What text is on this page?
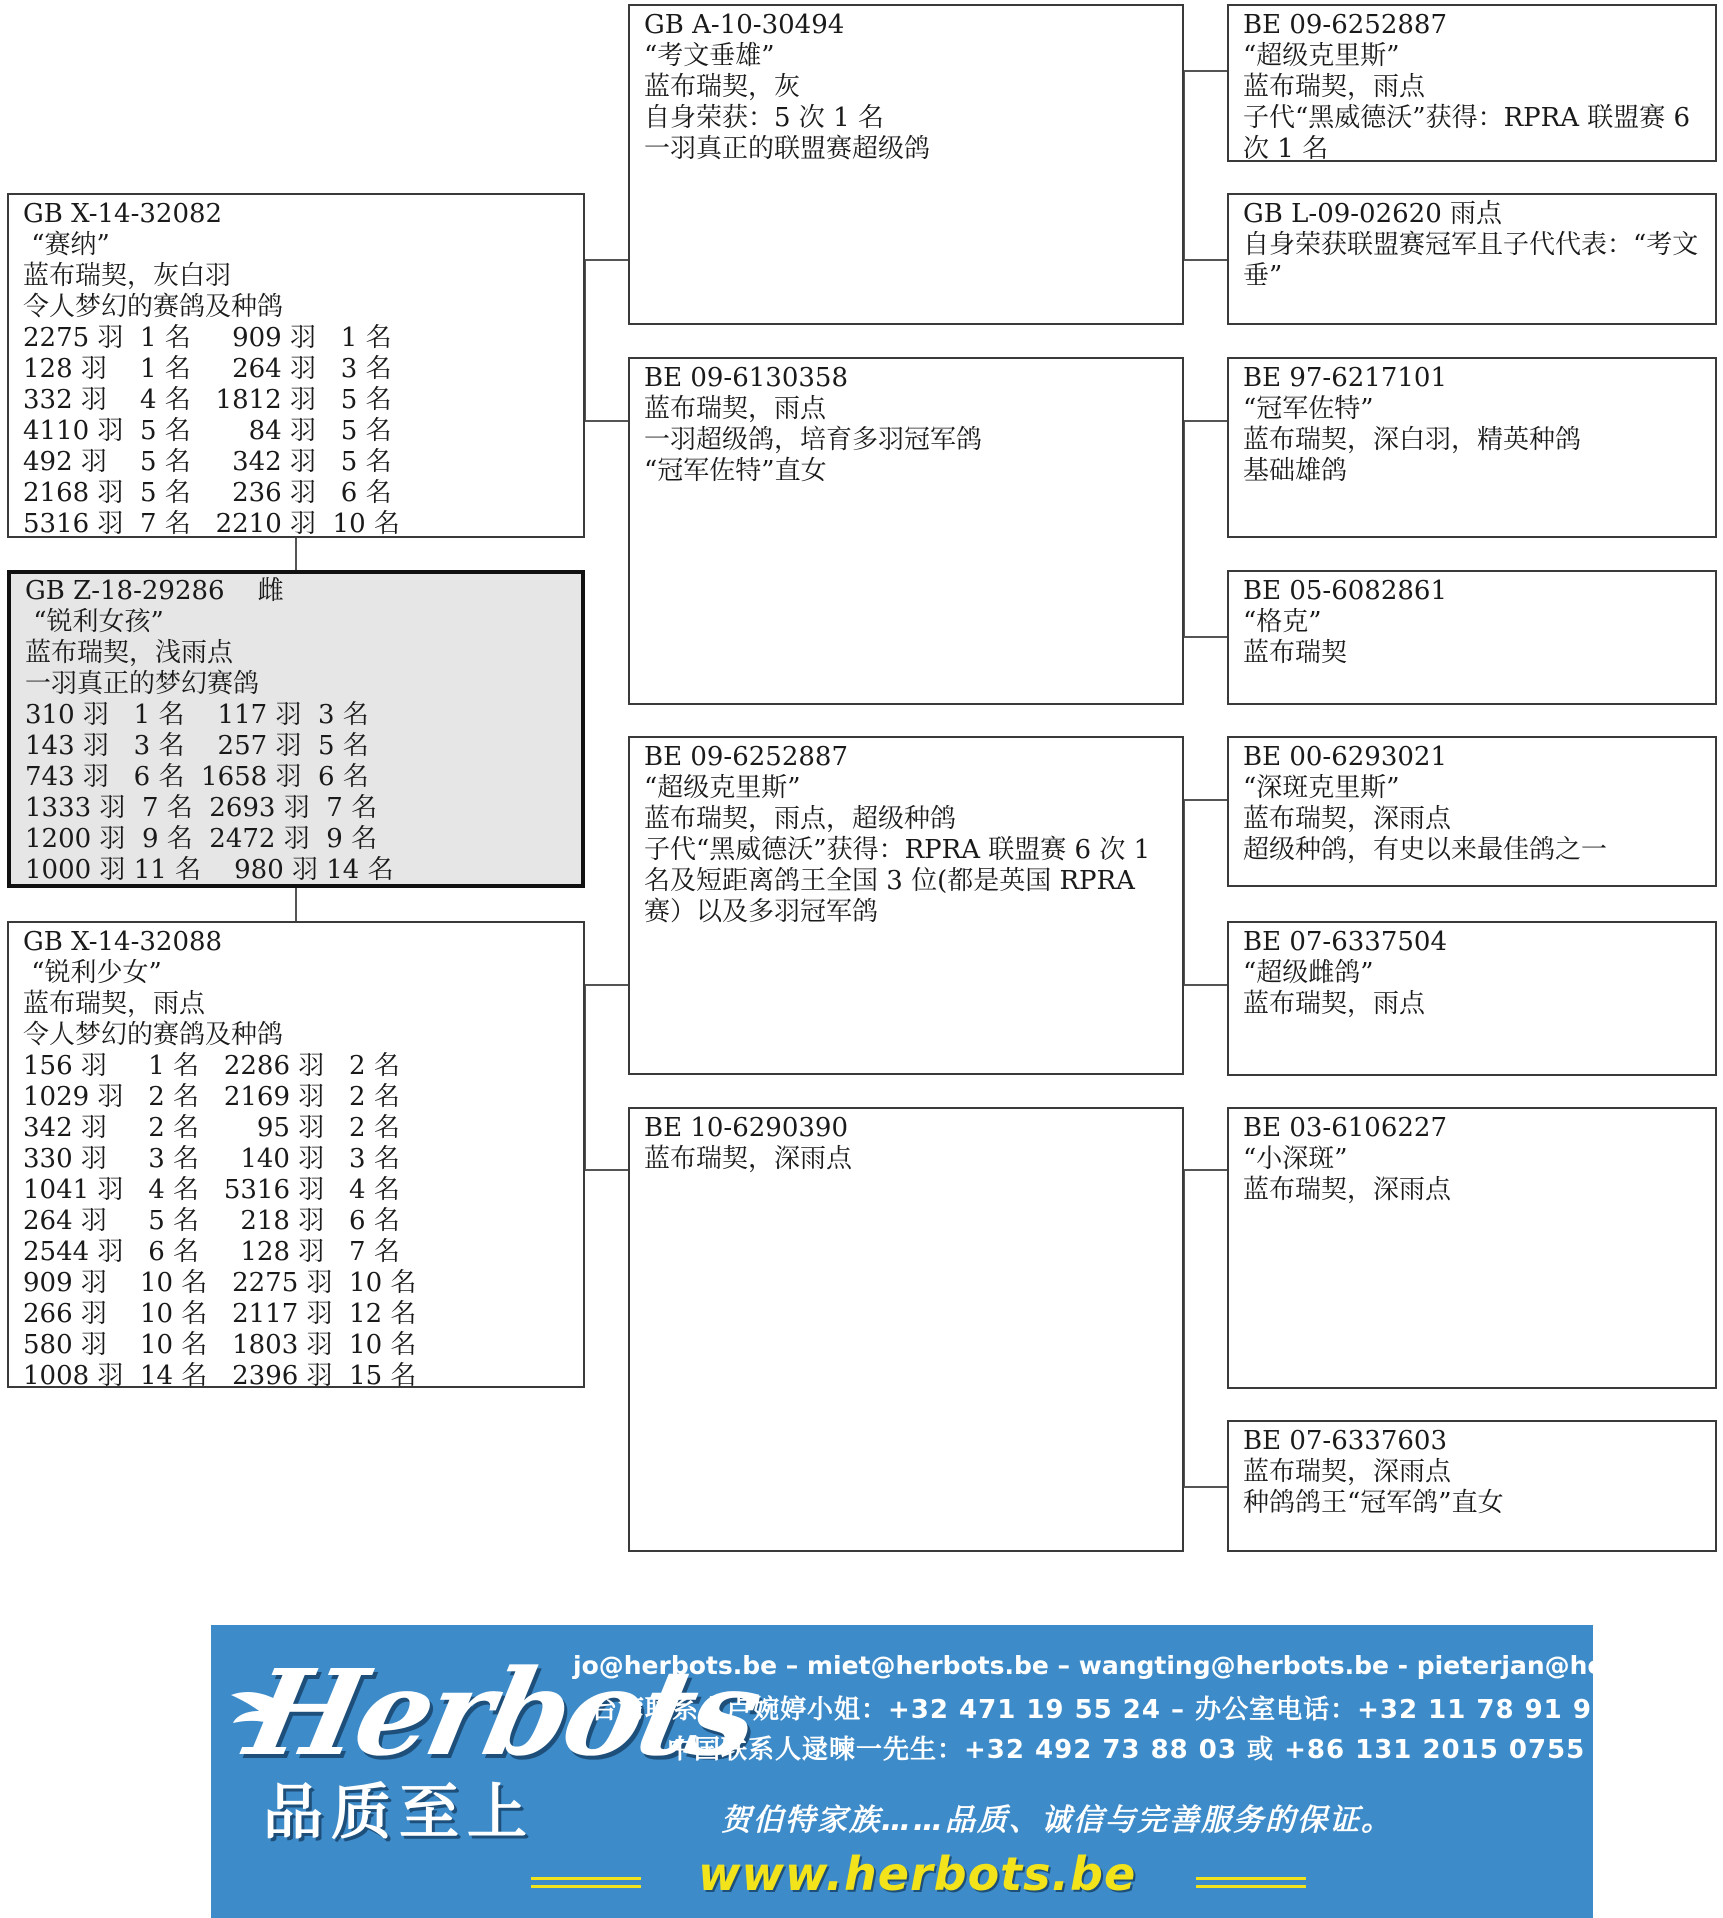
GB X-14-32082
“赛纳”
蓝布瑞契，灰白羽
令人梦幻的赛鸽及种鸽
2275 羽  1 名     909 羽   1 名
128 羽    1 名     264 羽   3 名
332 羽    4 名   1812 羽   5 名
4110 羽  5 名       84 羽   5 名
492 羽    5 名     342 羽   5 名
2168 羽  5 名     236 羽   6 名
5316 羽  7 名   2210 羽  10 名
GB Z-18-29286    雌
“锐利女孩”
蓝布瑞契，浅雨点
一羽真正的梦幻赛鸽
310 羽   1 名    117 羽  3 名
143 羽   3 名    257 羽  5 名
743 羽   6 名  1658 羽  6 名
1333 羽  7 名  2693 羽  7 名
1200 羽  9 名  2472 羽  9 名
1000 羽 11 名    980 羽 14 名
GB X-14-32088
“锐利少女”
蓝布瑞契，雨点
令人梦幻的赛鸽及种鸽
156 羽     1 名   2286 羽   2 名
1029 羽   2 名   2169 羽   2 名
342 羽     2 名       95 羽   2 名
330 羽     3 名     140 羽   3 名
1041 羽   4 名   5316 羽   4 名
264 羽     5 名     218 羽   6 名
2544 羽   6 名     128 羽   7 名
909 羽    10 名   2275 羽  10 名
266 羽    10 名   2117 羽  12 名
580 羽    10 名   1803 羽  10 名
1008 羽  14 名   2396 羽  15 名
GB A-10-30494
“考文垂雄”
蓝布瑞契，灰
自身荣获：5 次 1 名
一羽真正的联盟赛超级鸽
BE 09-6130358
蓝布瑞契，雨点
一羽超级鸽，培育多羽冠军鸽
“冠军佐特”直女
BE 09-6252887
“超级克里斯”
蓝布瑞契，雨点，超级种鸽
子代“黑威德沃”获得：RPRA 联盟赛 6 次 1 名及短距离鸽王全国 3 位(都是英国 RPRA 赛）以及多羽冠军鸽
BE 10-6290390
蓝布瑞契，深雨点
BE 09-6252887
“超级克里斯”
蓝布瑞契，雨点
子代“黑威德沃”获得：RPRA 联盟赛 6 次 1 名
GB L-09-02620 雨点
自身荣获联盟赛冠军且子代代表：“考文垂”
BE 97-6217101
“冠军佐特”
蓝布瑞契，深白羽，精英种鸽
基础雄鸽
BE 05-6082861
“格克”
蓝布瑞契
BE 00-6293021
“深斑克里斯”
蓝布瑞契，深雨点
超级种鸽，有史以来最佳鸽之一
BE 07-6337504
“超级雌鸽”
蓝布瑞契，雨点
BE 03-6106227
“小深斑”
蓝布瑞契，深雨点
BE 07-6337603
蓝布瑞契，深雨点
种鸽鸽王“冠军鸽”直女
Herbots
品质至上
jo@herbots.be – miet@herbots.be – wangting@herbots.be - pieterjan@herbots.be
台湾联系人卢婉婷小姐：+32 471 19 55 24 – 办公室电话：+32 11 78 91 90
中国联系人逯暕一先生：+32 492 73 88 03 或 +86 131 2015 0755
贺伯特家族……品质、诚信与完善服务的保证。
www.herbots.be
